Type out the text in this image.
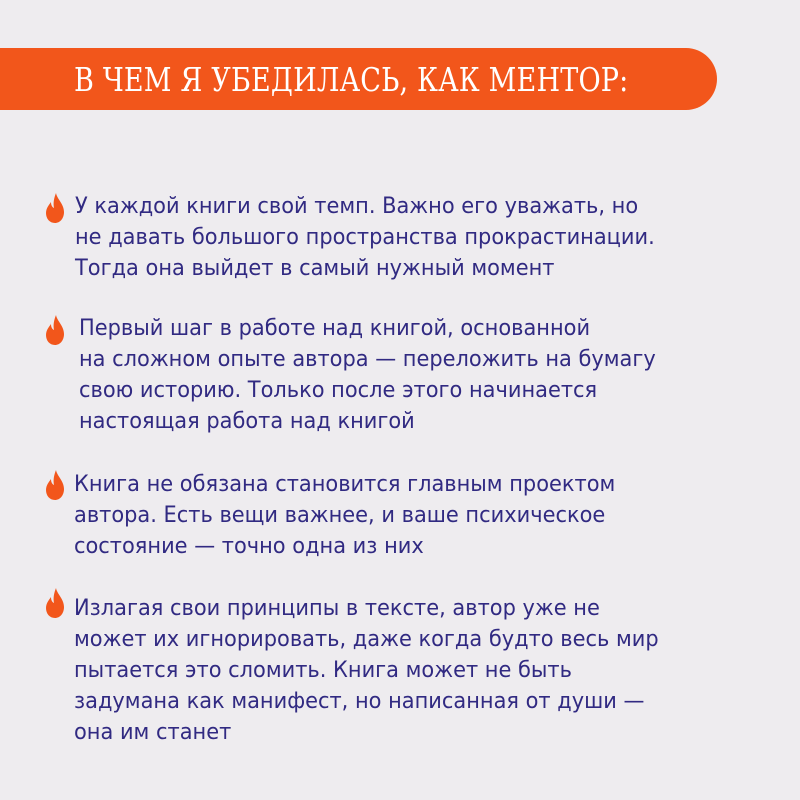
В ЧЕМ Я УБЕДИЛАСЬ, КАК МЕНТОР:
У каждой книги свой темп. Важно его уважать, но
не давать большого пространства прокрастинации.
Тогда она выйдет в самый нужный момент
Первый шаг в работе над книгой, основанной
на сложном опыте автора — переложить на бумагу
свою историю. Только после этого начинается
настоящая работа над книгой
Книга не обязана становится главным проектом
автора. Есть вещи важнее, и ваше психическое
состояние — точно одна из них
Излагая свои принципы в тексте, автор уже не
может их игнорировать, даже когда будто весь мир
пытается это сломить. Книга может не быть
задумана как манифест, но написанная от души —
она им станет
